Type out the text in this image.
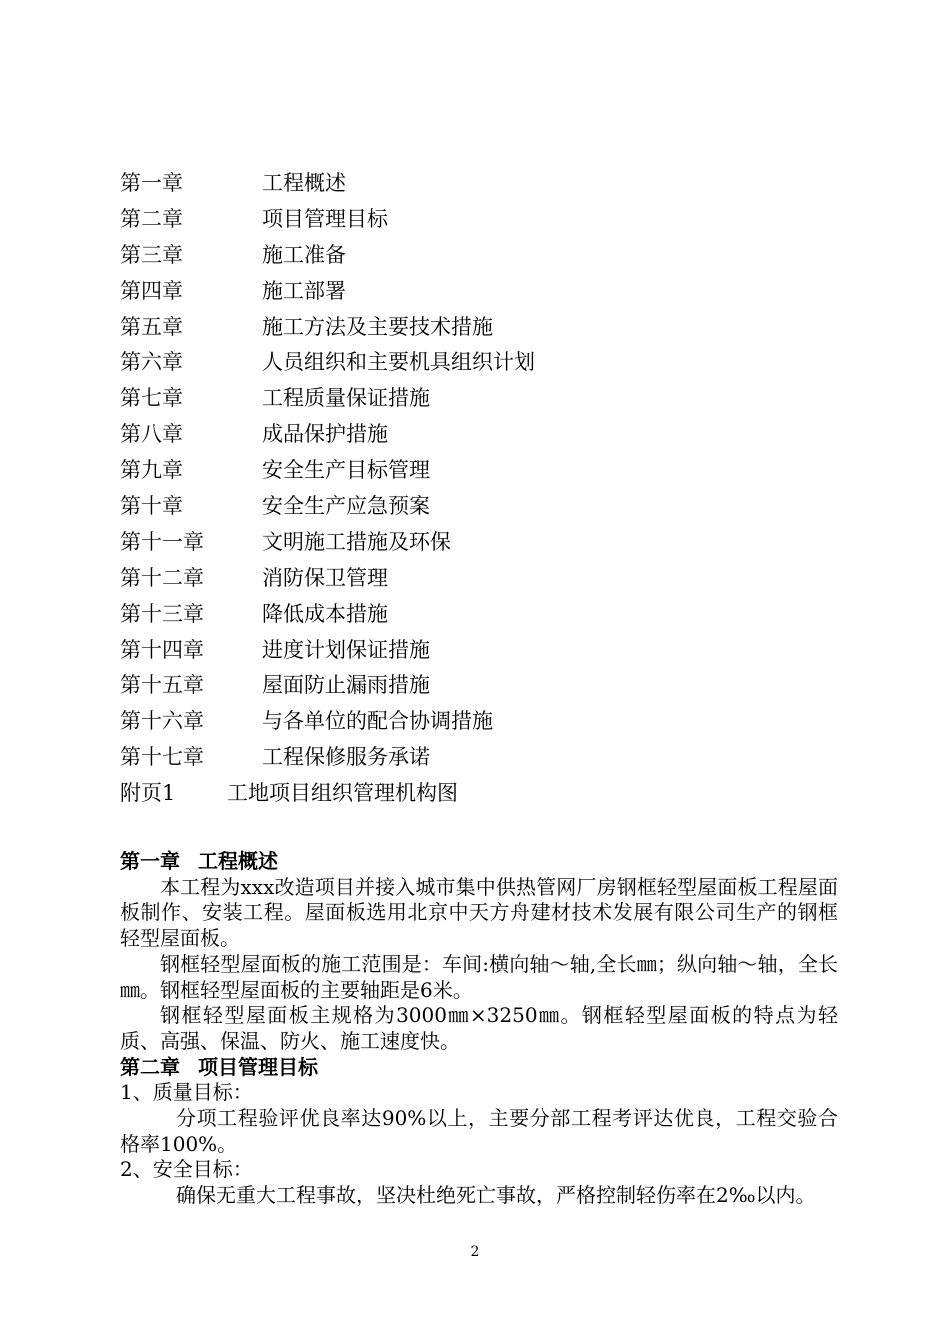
第一章	工程概述
第二章	项目管理目标
第三章	施工准备
第四章	施工部署
第五章	施工方法及主要技术措施
第六章	人员组织和主要机具组织计划
第七章	工程质量保证措施
第八章	成品保护措施
第九章	安全生产目标管理
第十章	安全生产应急预案
第十一章	文明施工措施及环保
第十二章	消防保卫管理
第十三章	降低成本措施
第十四章	进度计划保证措施
第十五章	屋面防止漏雨措施
第十六章	与各单位的配合协调措施
第十七章	工程保修服务承诺
附页1	工地项目组织管理机构图

第一章 工程概述

本工程为xxx改造项目并接入城市集中供热管网厂房钢框轻型屋面板工程屋面板制作、安装工程。屋面板选用北京中天方舟建材技术发展有限公司生产的钢框轻型屋面板。

钢框轻型屋面板的施工范围是：车间:横向轴～轴,全长㎜；纵向轴～轴，全长㎜。钢框轻型屋面板的主要轴距是6米。

钢框轻型屋面板主规格为3000㎜×3250㎜。钢框轻型屋面板的特点为轻质、高强、保温、防火、施工速度快。

第二章 项目管理目标

1、质量目标：

分项工程验评优良率达90%以上，主要分部工程考评达优良，工程交验合格率100%。

2、安全目标：

确保无重大工程事故，坚决杜绝死亡事故，严格控制轻伤率在2‰以内。

2
